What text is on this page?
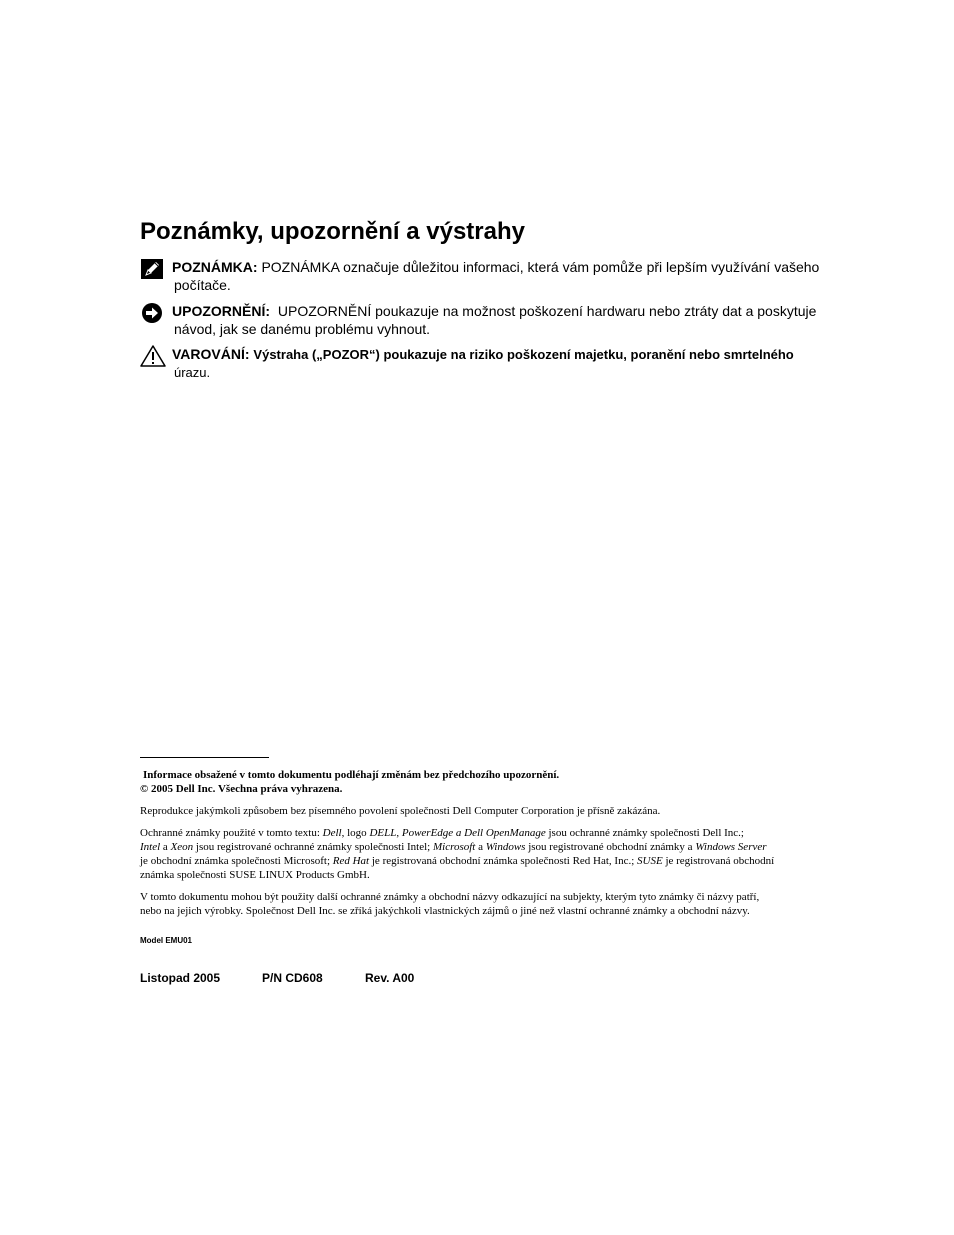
Poznámky, upozornění a výstrahy
POZNÁMKA: POZNÁMKA označuje důležitou informaci, která vám pomůže při lepším využívání vašeho
počítače.
UPOZORNĚNÍ: UPOZORNĚNÍ poukazuje na možnost poškození hardwaru nebo ztráty dat a poskytuje
návod, jak se danému problému vyhnout.
VAROVÁNÍ: Výstraha („POZOR“) poukazuje na riziko poškození majetku, poranění nebo smrtelného
úrazu.

Informace obsažené v tomto dokumentu podléhají změnám bez předchozího upozornění.

© 2005 Dell Inc. Všechna práva vyhrazena.

Reprodukce jakýmkoli způsobem bez písemného povolení společnosti Dell Computer Corporation je přísně zakázána.

Ochranné známky použité v tomto textu: Dell, logo DELL, PowerEdge a Dell OpenManage jsou ochranné známky společnosti Dell Inc.;

Intel a Xeon jsou registrované ochranné známky společnosti Intel; Microsoft a Windows jsou registrované obchodní známky a Windows Server

je obchodní známka společnosti Microsoft; Red Hat je registrovaná obchodní známka společnosti Red Hat, Inc.; SUSE je registrovaná obchodní

známka společnosti SUSE LINUX Products GmbH.

V tomto dokumentu mohou být použity další ochranné známky a obchodní názvy odkazující na subjekty, kterým tyto známky či názvy patří,

nebo na jejich výrobky. Společnost Dell Inc. se zříká jakýchkoli vlastnických zájmů o jiné než vlastní ochranné známky a obchodní názvy.

Model EMU01
Listopad 2005	P/N CD608	Rev. A00
